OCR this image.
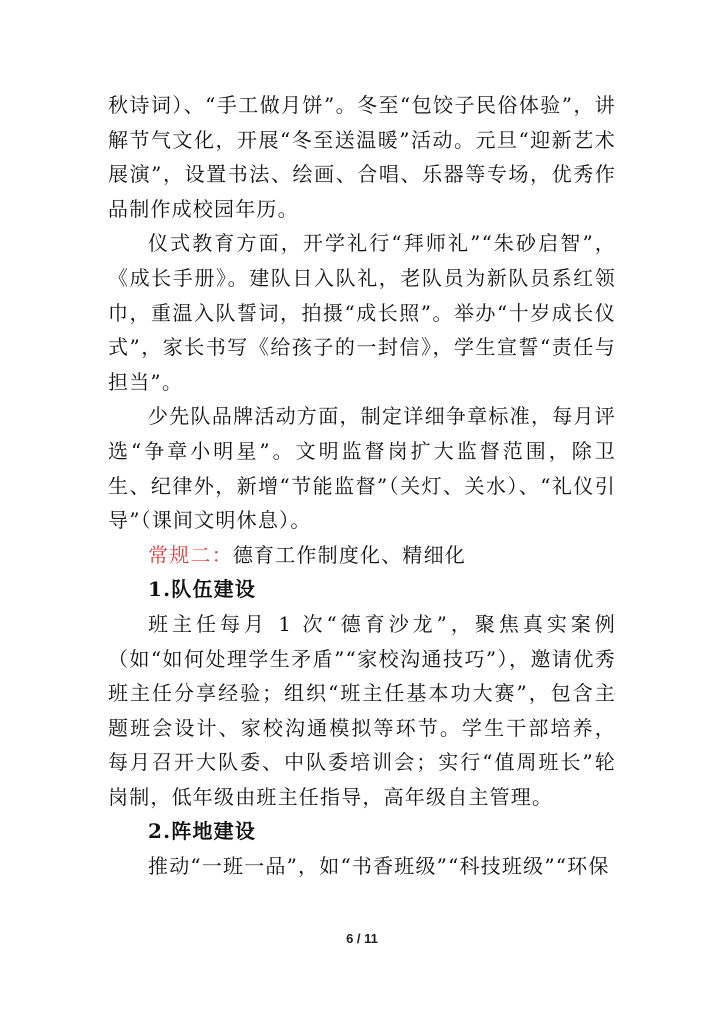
秋诗词）、“手工做月饼”。冬至“包饺子民俗体验”，讲解节气文化，开展“冬至送温暖”活动。元旦“迎新艺术展演”，设置书法、绘画、合唱、乐器等专场，优秀作品制作成校园年历。

仪式教育方面，开学礼行“拜师礼”“朱砂启智”，《成长手册》。建队日入队礼，老队员为新队员系红领巾，重温入队誓词，拍摄“成长照”。举办“十岁成长仪式”，家长书写《给孩子的一封信》，学生宣誓“责任与担当”。

少先队品牌活动方面，制定详细争章标准，每月评选“争章小明星”。文明监督岗扩大监督范围，除卫生、纪律外，新增“节能监督”（关灯、关水）、“礼仪引导”（课间文明休息）。

常规二：德育工作制度化、精细化

1.队伍建设

班主任每月 1 次“德育沙龙”，聚焦真实案例（如“如何处理学生矛盾”“家校沟通技巧”），邀请优秀班主任分享经验；组织“班主任基本功大赛”，包含主题班会设计、家校沟通模拟等环节。学生干部培养，每月召开大队委、中队委培训会；实行“值周班长”轮岗制，低年级由班主任指导，高年级自主管理。

2.阵地建设

推动“一班一品”，如“书香班级”“科技班级”“环保

6 / 11
